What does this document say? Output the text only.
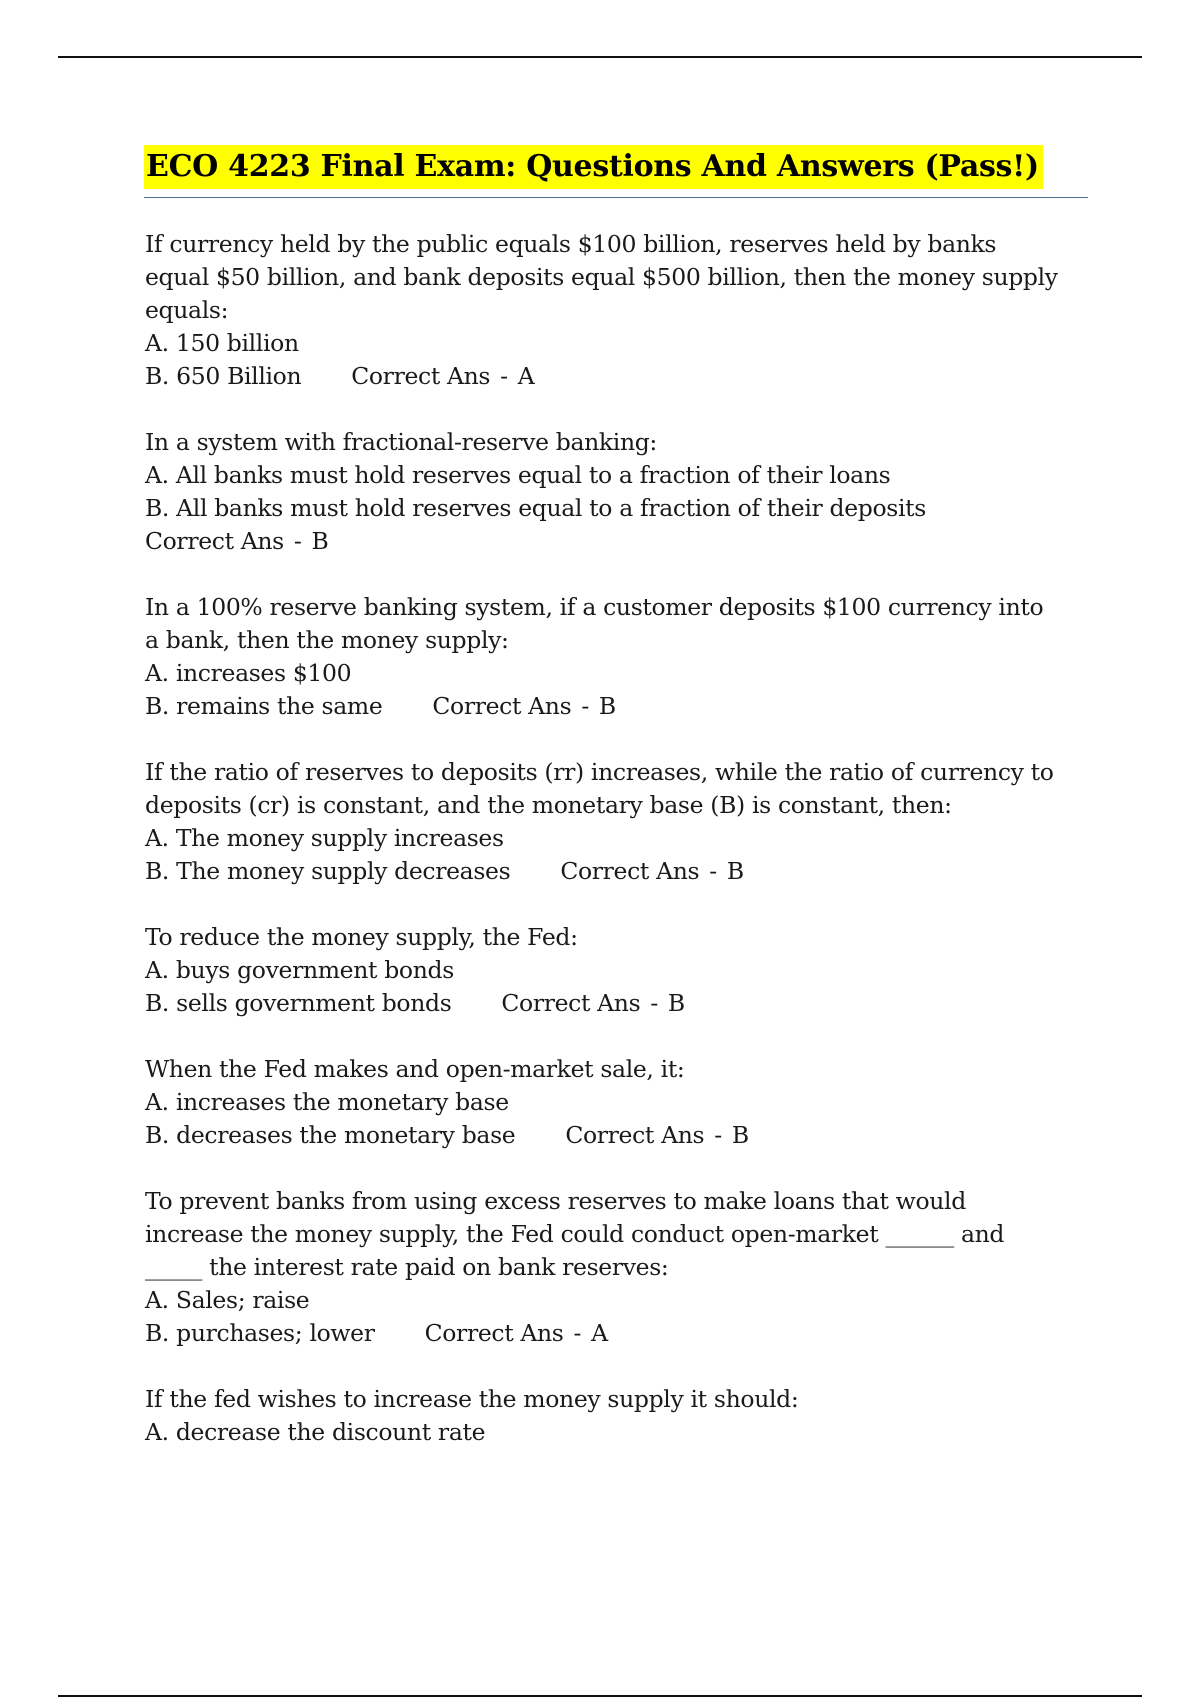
ECO 4223 Final Exam: Questions And Answers (Pass!)
If currency held by the public equals $100 billion, reserves held by banks
equal $50 billion, and bank deposits equal $500 billion, then the money supply
equals:
A. 150 billion
B. 650 Billion Correct Ans - A
In a system with fractional-reserve banking:
A. All banks must hold reserves equal to a fraction of their loans
B. All banks must hold reserves equal to a fraction of their deposits
Correct Ans - B
In a 100% reserve banking system, if a customer deposits $100 currency into
a bank, then the money supply:
A. increases $100
B. remains the same Correct Ans - B
If the ratio of reserves to deposits (rr) increases, while the ratio of currency to
deposits (cr) is constant, and the monetary base (B) is constant, then:
A. The money supply increases
B. The money supply decreases Correct Ans - B
To reduce the money supply, the Fed:
A. buys government bonds
B. sells government bonds Correct Ans - B
When the Fed makes and open-market sale, it:
A. increases the monetary base
B. decreases the monetary base Correct Ans - B
To prevent banks from using excess reserves to make loans that would
increase the money supply, the Fed could conduct open-market ______ and
_____ the interest rate paid on bank reserves:
A. Sales; raise
B. purchases; lower Correct Ans - A
If the fed wishes to increase the money supply it should:
A. decrease the discount rate
